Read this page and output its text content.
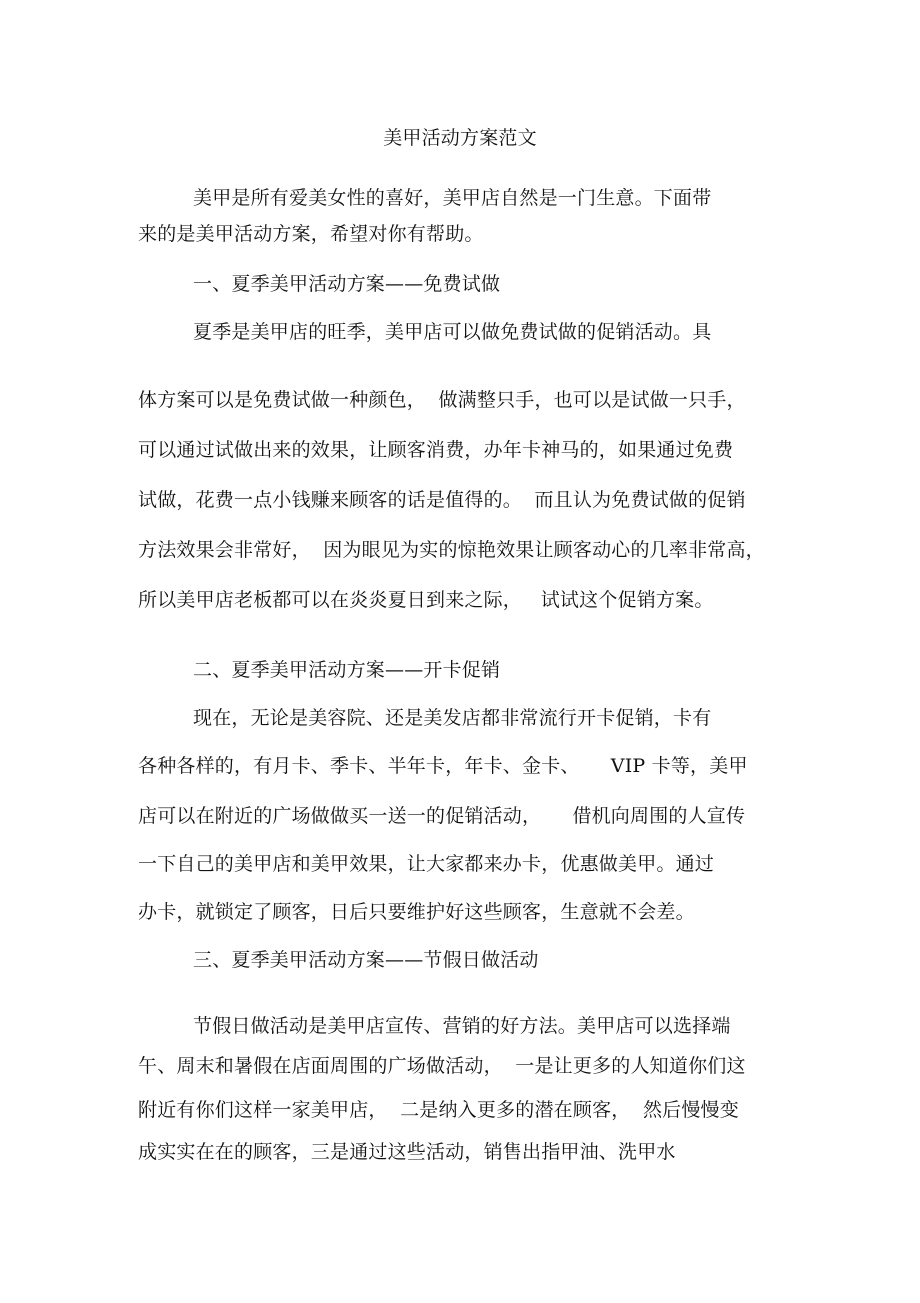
美甲活动方案范文
美甲是所有爱美女性的喜好，美甲店自然是一门生意。下面带
来的是美甲活动方案，希望对你有帮助。
一、夏季美甲活动方案——免费试做
夏季是美甲店的旺季，美甲店可以做免费试做的促销活动。具
体方案可以是免费试做一种颜色，  做满整只手，也可以是试做一只手，
可以通过试做出来的效果，让顾客消费，办年卡神马的，如果通过免费
试做，花费一点小钱赚来顾客的话是值得的。  而且认为免费试做的促销
方法效果会非常好，  因为眼见为实的惊艳效果让顾客动心的几率非常高，
所以美甲店老板都可以在炎炎夏日到来之际，   试试这个促销方案。
二、夏季美甲活动方案——开卡促销
现在，无论是美容院、还是美发店都非常流行开卡促销，卡有
各种各样的，有月卡、季卡、半年卡，年卡、金卡、     VIP 卡等，美甲
店可以在附近的广场做做买一送一的促销活动，     借机向周围的人宣传
一下自己的美甲店和美甲效果，让大家都来办卡，优惠做美甲。通过
办卡，就锁定了顾客，日后只要维护好这些顾客，生意就不会差。
三、夏季美甲活动方案——节假日做活动
节假日做活动是美甲店宣传、营销的好方法。美甲店可以选择端
午、周末和暑假在店面周围的广场做活动，  一是让更多的人知道你们这
附近有你们这样一家美甲店，  二是纳入更多的潜在顾客，  然后慢慢变
成实实在在的顾客，三是通过这些活动，销售出指甲油、洗甲水
